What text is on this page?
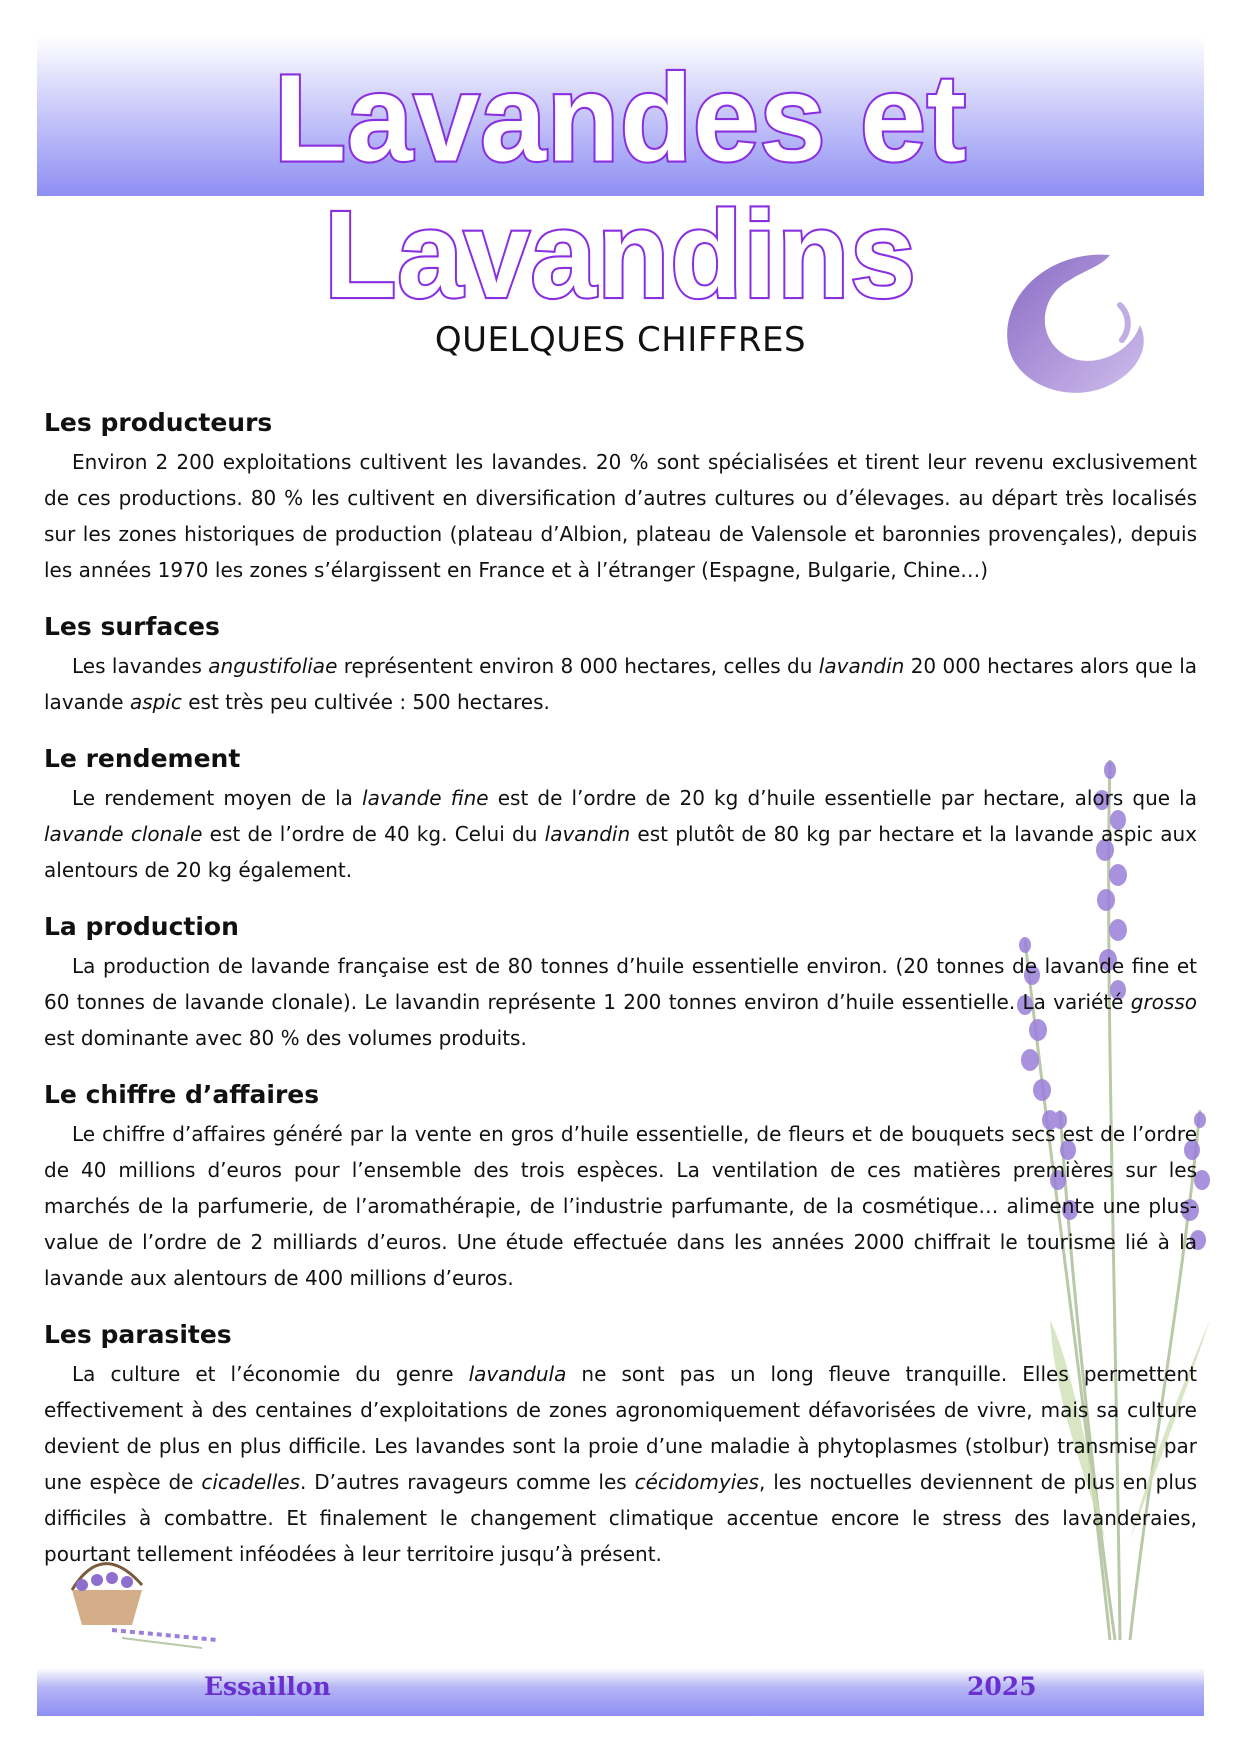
Lavandes et Lavandins
QUELQUES CHIFFRES
Les producteurs

Environ 2 200 exploitations cultivent les lavandes. 20 % sont spécialisées et tirent leur revenu exclusivement de ces productions. 80 % les cultivent en diversification d’autres cultures ou d’élevages. au départ très localisés sur les zones historiques de production (plateau d’Albion, plateau de Valensole et baronnies provençales), depuis les années 1970 les zones s’élargissent en France et à l’étranger (Espagne, Bulgarie, Chine…)

Les surfaces

Les lavandes angustifoliae représentent environ 8 000 hectares, celles du lavandin 20 000 hectares alors que la lavande aspic est très peu cultivée : 500 hectares.

Le rendement

Le rendement moyen de la lavande fine est de l’ordre de 20 kg d’huile essentielle par hectare, alors que la lavande clonale est de l’ordre de 40 kg. Celui du lavandin est plutôt de 80 kg par hectare et la lavande aspic aux alentours de 20 kg également.

La production

La production de lavande française est de 80 tonnes d’huile essentielle environ. (20 tonnes de lavande fine et 60 tonnes de lavande clonale). Le lavandin représente 1 200 tonnes environ d’huile essentielle. La variété grosso est dominante avec 80 % des volumes produits.

Le chiffre d’affaires

Le chiffre d’affaires généré par la vente en gros d’huile essentielle, de fleurs et de bouquets secs est de l’ordre de 40 millions d’euros pour l’ensemble des trois espèces. La ventilation de ces matières premières sur les marchés de la parfumerie, de l’aromathérapie, de l’industrie parfumante, de la cosmétique… alimente une plus-value de l’ordre de 2 milliards d’euros. Une étude effectuée dans les années 2000 chiffrait le tourisme lié à la lavande aux alentours de 400 millions d’euros.

Les parasites

La culture et l’économie du genre lavandula ne sont pas un long fleuve tranquille. Elles permettent effectivement à des centaines d’exploitations de zones agronomiquement défavorisées de vivre, mais sa culture devient de plus en plus difficile. Les lavandes sont la proie d’une maladie à phytoplasmes (stolbur) transmise par une espèce de cicadelles. D’autres ravageurs comme les cécidomyies, les noctuelles deviennent de plus en plus difficiles à combattre. Et finalement le changement climatique accentue encore le stress des lavanderaies, pourtant tellement inféodées à leur territoire jusqu’à présent.

Essaillon	2025
